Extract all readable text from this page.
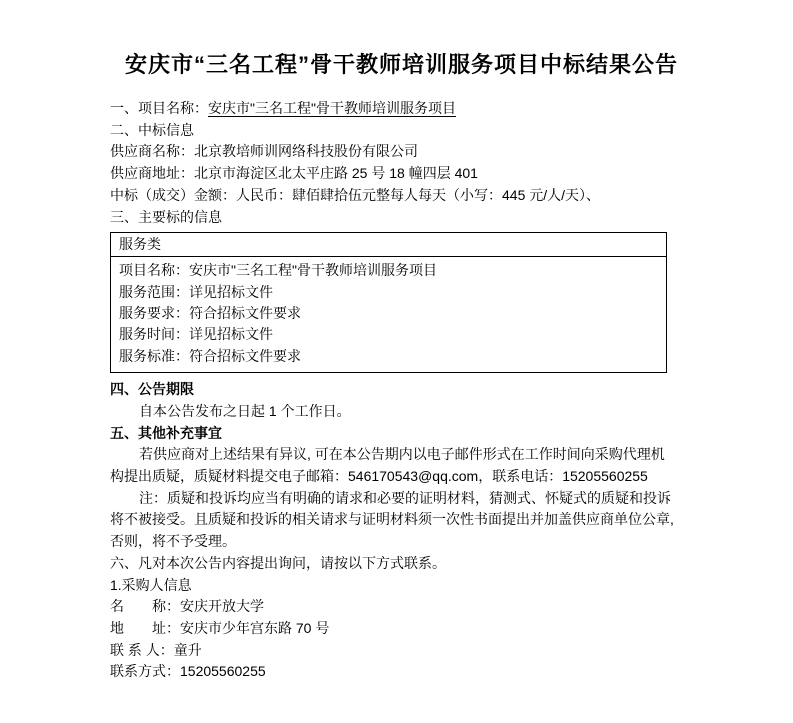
安庆市“三名工程”骨干教师培训服务项目中标结果公告
一、项目名称：安庆市"三名工程"骨干教师培训服务项目
二、中标信息
供应商名称：北京教培师训网络科技股份有限公司
供应商地址：北京市海淀区北太平庄路 25 号 18 幢四层 401
中标（成交）金额：人民币：肆佰肆拾伍元整每人每天（小写：445 元/人/天）、
三、主要标的信息
服务类
项目名称：安庆市"三名工程"骨干教师培训服务项目
服务范围：详见招标文件
服务要求：符合招标文件要求
服务时间：详见招标文件
服务标准：符合招标文件要求
四、公告期限
自本公告发布之日起 1 个工作日。
五、其他补充事宜
若供应商对上述结果有异议, 可在本公告期内以电子邮件形式在工作时间向采购代理机
构提出质疑，质疑材料提交电子邮箱：546170543@qq.com，联系电话：15205560255
注：质疑和投诉均应当有明确的请求和必要的证明材料，猜测式、怀疑式的质疑和投诉
将不被接受。且质疑和投诉的相关请求与证明材料须一次性书面提出并加盖供应商单位公章,
否则，将不予受理。
六、凡对本次公告内容提出询问，请按以下方式联系。
1.采购人信息
名　　称：安庆开放大学
地　　址：安庆市少年宫东路 70 号
联 系 人：童升
联系方式：15205560255
